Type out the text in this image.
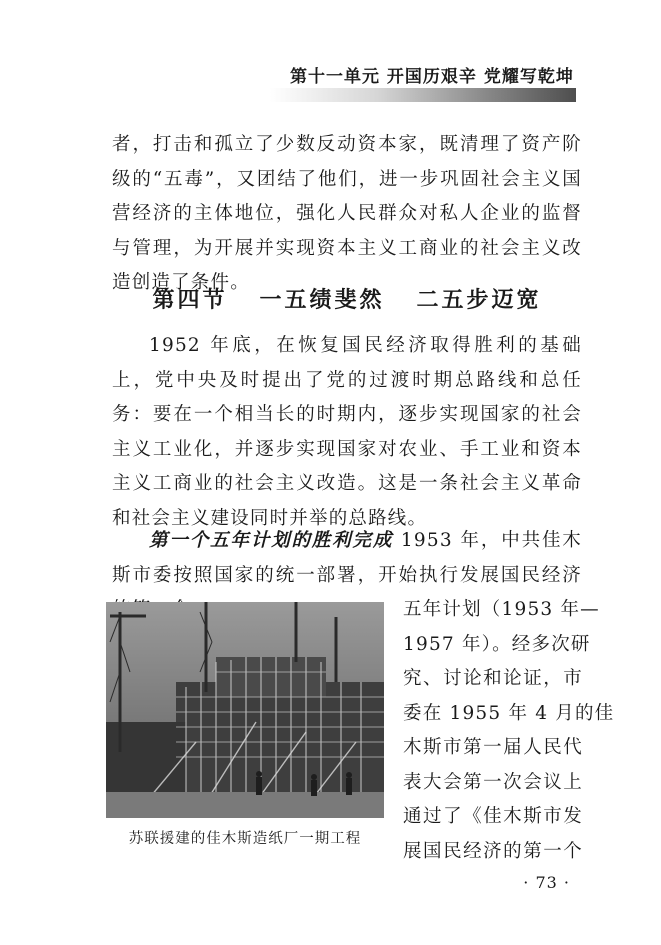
第十一单元 开国历艰辛 党耀写乾坤

者，打击和孤立了少数反动资本家，既清理了资产阶级的“五毒”，又团结了他们，进一步巩固社会主义国营经济的主体地位，强化人民群众对私人企业的监督与管理，为开展并实现资本主义工商业的社会主义改造创造了条件。

第四节   一五绩斐然   二五步迈宽

1952 年底，在恢复国民经济取得胜利的基础上，党中央及时提出了党的过渡时期总路线和总任务：要在一个相当长的时期内，逐步实现国家的社会主义工业化，并逐步实现国家对农业、手工业和资本主义工商业的社会主义改造。这是一条社会主义革命和社会主义建设同时并举的总路线。

第一个五年计划的胜利完成 1953 年，中共佳木斯市委按照国家的统一部署，开始执行发展国民经济

苏联援建的佳木斯造纸厂一期工程
五年计划（1953 年—
1957 年）。经多次研
究、讨论和论证，市
委在 1955 年 4 月的佳
木斯市第一届人民代
表大会第一次会议上
通过了《佳木斯市发
展国民经济的第一个
· 73 ·
